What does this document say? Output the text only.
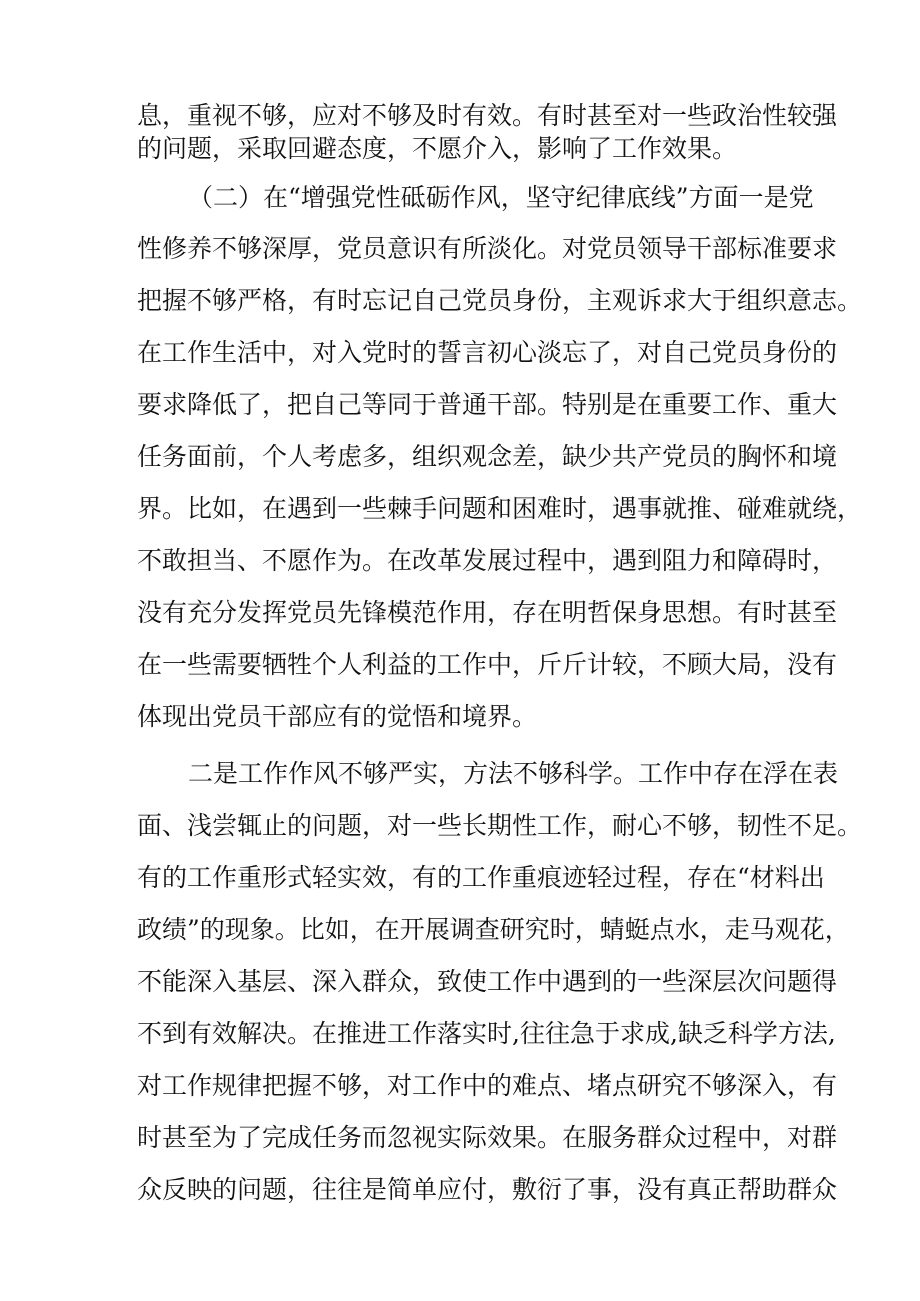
息，重视不够，应对不够及时有效。有时甚至对一些政治性较强
的问题，采取回避态度，不愿介入，影响了工作效果。
（二）在“增强党性砥砺作风，坚守纪律底线”方面一是党
性修养不够深厚，党员意识有所淡化。对党员领导干部标准要求
把握不够严格，有时忘记自己党员身份，主观诉求大于组织意志。
在工作生活中，对入党时的誓言初心淡忘了，对自己党员身份的
要求降低了，把自己等同于普通干部。特别是在重要工作、重大
任务面前，个人考虑多，组织观念差，缺少共产党员的胸怀和境
界。比如，在遇到一些棘手问题和困难时，遇事就推、碰难就绕，
不敢担当、不愿作为。在改革发展过程中，遇到阻力和障碍时，
没有充分发挥党员先锋模范作用，存在明哲保身思想。有时甚至
在一些需要牺牲个人利益的工作中，斤斤计较，不顾大局，没有
体现出党员干部应有的觉悟和境界。
二是工作作风不够严实，方法不够科学。工作中存在浮在表
面、浅尝辄止的问题，对一些长期性工作，耐心不够，韧性不足。
有的工作重形式轻实效，有的工作重痕迹轻过程，存在“材料出
政绩”的现象。比如，在开展调查研究时，蜻蜓点水，走马观花，
不能深入基层、深入群众，致使工作中遇到的一些深层次问题得
不到有效解决。在推进工作落实时,往往急于求成,缺乏科学方法,
对工作规律把握不够，对工作中的难点、堵点研究不够深入，有
时甚至为了完成任务而忽视实际效果。在服务群众过程中，对群
众反映的问题，往往是简单应付，敷衍了事，没有真正帮助群众
